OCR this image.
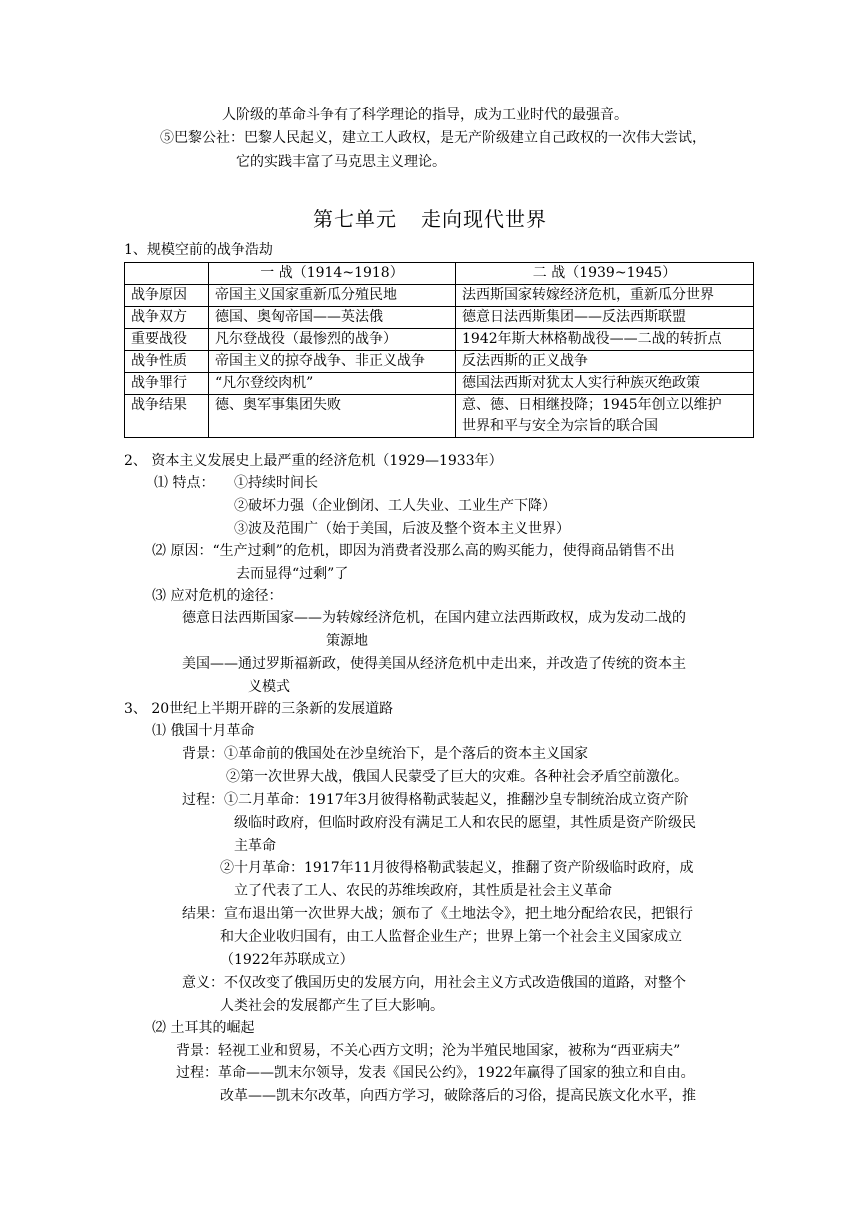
人阶级的革命斗争有了科学理论的指导，成为工业时代的最强音。
⑤巴黎公社：巴黎人民起义，建立工人政权，是无产阶级建立自己政权的一次伟大尝试，
它的实践丰富了马克思主义理论。
第七单元 走向现代世界
1、规模空前的战争浩劫
	一 战（1914~1918）	二 战（1939~1945）
战争原因	帝国主义国家重新瓜分殖民地	法西斯国家转嫁经济危机，重新瓜分世界
战争双方	德国、奥匈帝国——英法俄	德意日法西斯集团——反法西斯联盟
重要战役	凡尔登战役（最惨烈的战争）	1942年斯大林格勒战役——二战的转折点
战争性质	帝国主义的掠夺战争、非正义战争	反法西斯的正义战争
战争罪行	“凡尔登绞肉机”	德国法西斯对犹太人实行种族灭绝政策
战争结果	德、奥军事集团失败	意、德、日相继投降；1945年创立以维护
世界和平与安全为宗旨的联合国
2、 资本主义发展史上最严重的经济危机（1929—1933年）
⑴ 特点： ①持续时间长
②破坏力强（企业倒闭、工人失业、工业生产下降）
③波及范围广（始于美国，后波及整个资本主义世界）
⑵ 原因：“生产过剩”的危机，即因为消费者没那么高的购买能力，使得商品销售不出
去而显得“过剩”了
⑶ 应对危机的途径：
德意日法西斯国家——为转嫁经济危机，在国内建立法西斯政权，成为发动二战的
策源地
美国——通过罗斯福新政，使得美国从经济危机中走出来，并改造了传统的资本主
义模式
3、 20世纪上半期开辟的三条新的发展道路
⑴ 俄国十月革命
背景：①革命前的俄国处在沙皇统治下，是个落后的资本主义国家
②第一次世界大战，俄国人民蒙受了巨大的灾难。各种社会矛盾空前激化。
过程：①二月革命：1917年3月彼得格勒武装起义，推翻沙皇专制统治成立资产阶
级临时政府，但临时政府没有满足工人和农民的愿望，其性质是资产阶级民
主革命
②十月革命：1917年11月彼得格勒武装起义，推翻了资产阶级临时政府，成
立了代表了工人、农民的苏维埃政府，其性质是社会主义革命
结果：宣布退出第一次世界大战；颁布了《土地法令》，把土地分配给农民，把银行
和大企业收归国有，由工人监督企业生产；世界上第一个社会主义国家成立
（1922年苏联成立）
意义：不仅改变了俄国历史的发展方向，用社会主义方式改造俄国的道路，对整个
人类社会的发展都产生了巨大影响。
⑵ 土耳其的崛起
背景：轻视工业和贸易，不关心西方文明；沦为半殖民地国家，被称为“西亚病夫”
过程：革命——凯末尔领导，发表《国民公约》，1922年赢得了国家的独立和自由。
改革——凯末尔改革，向西方学习，破除落后的习俗，提高民族文化水平，推
